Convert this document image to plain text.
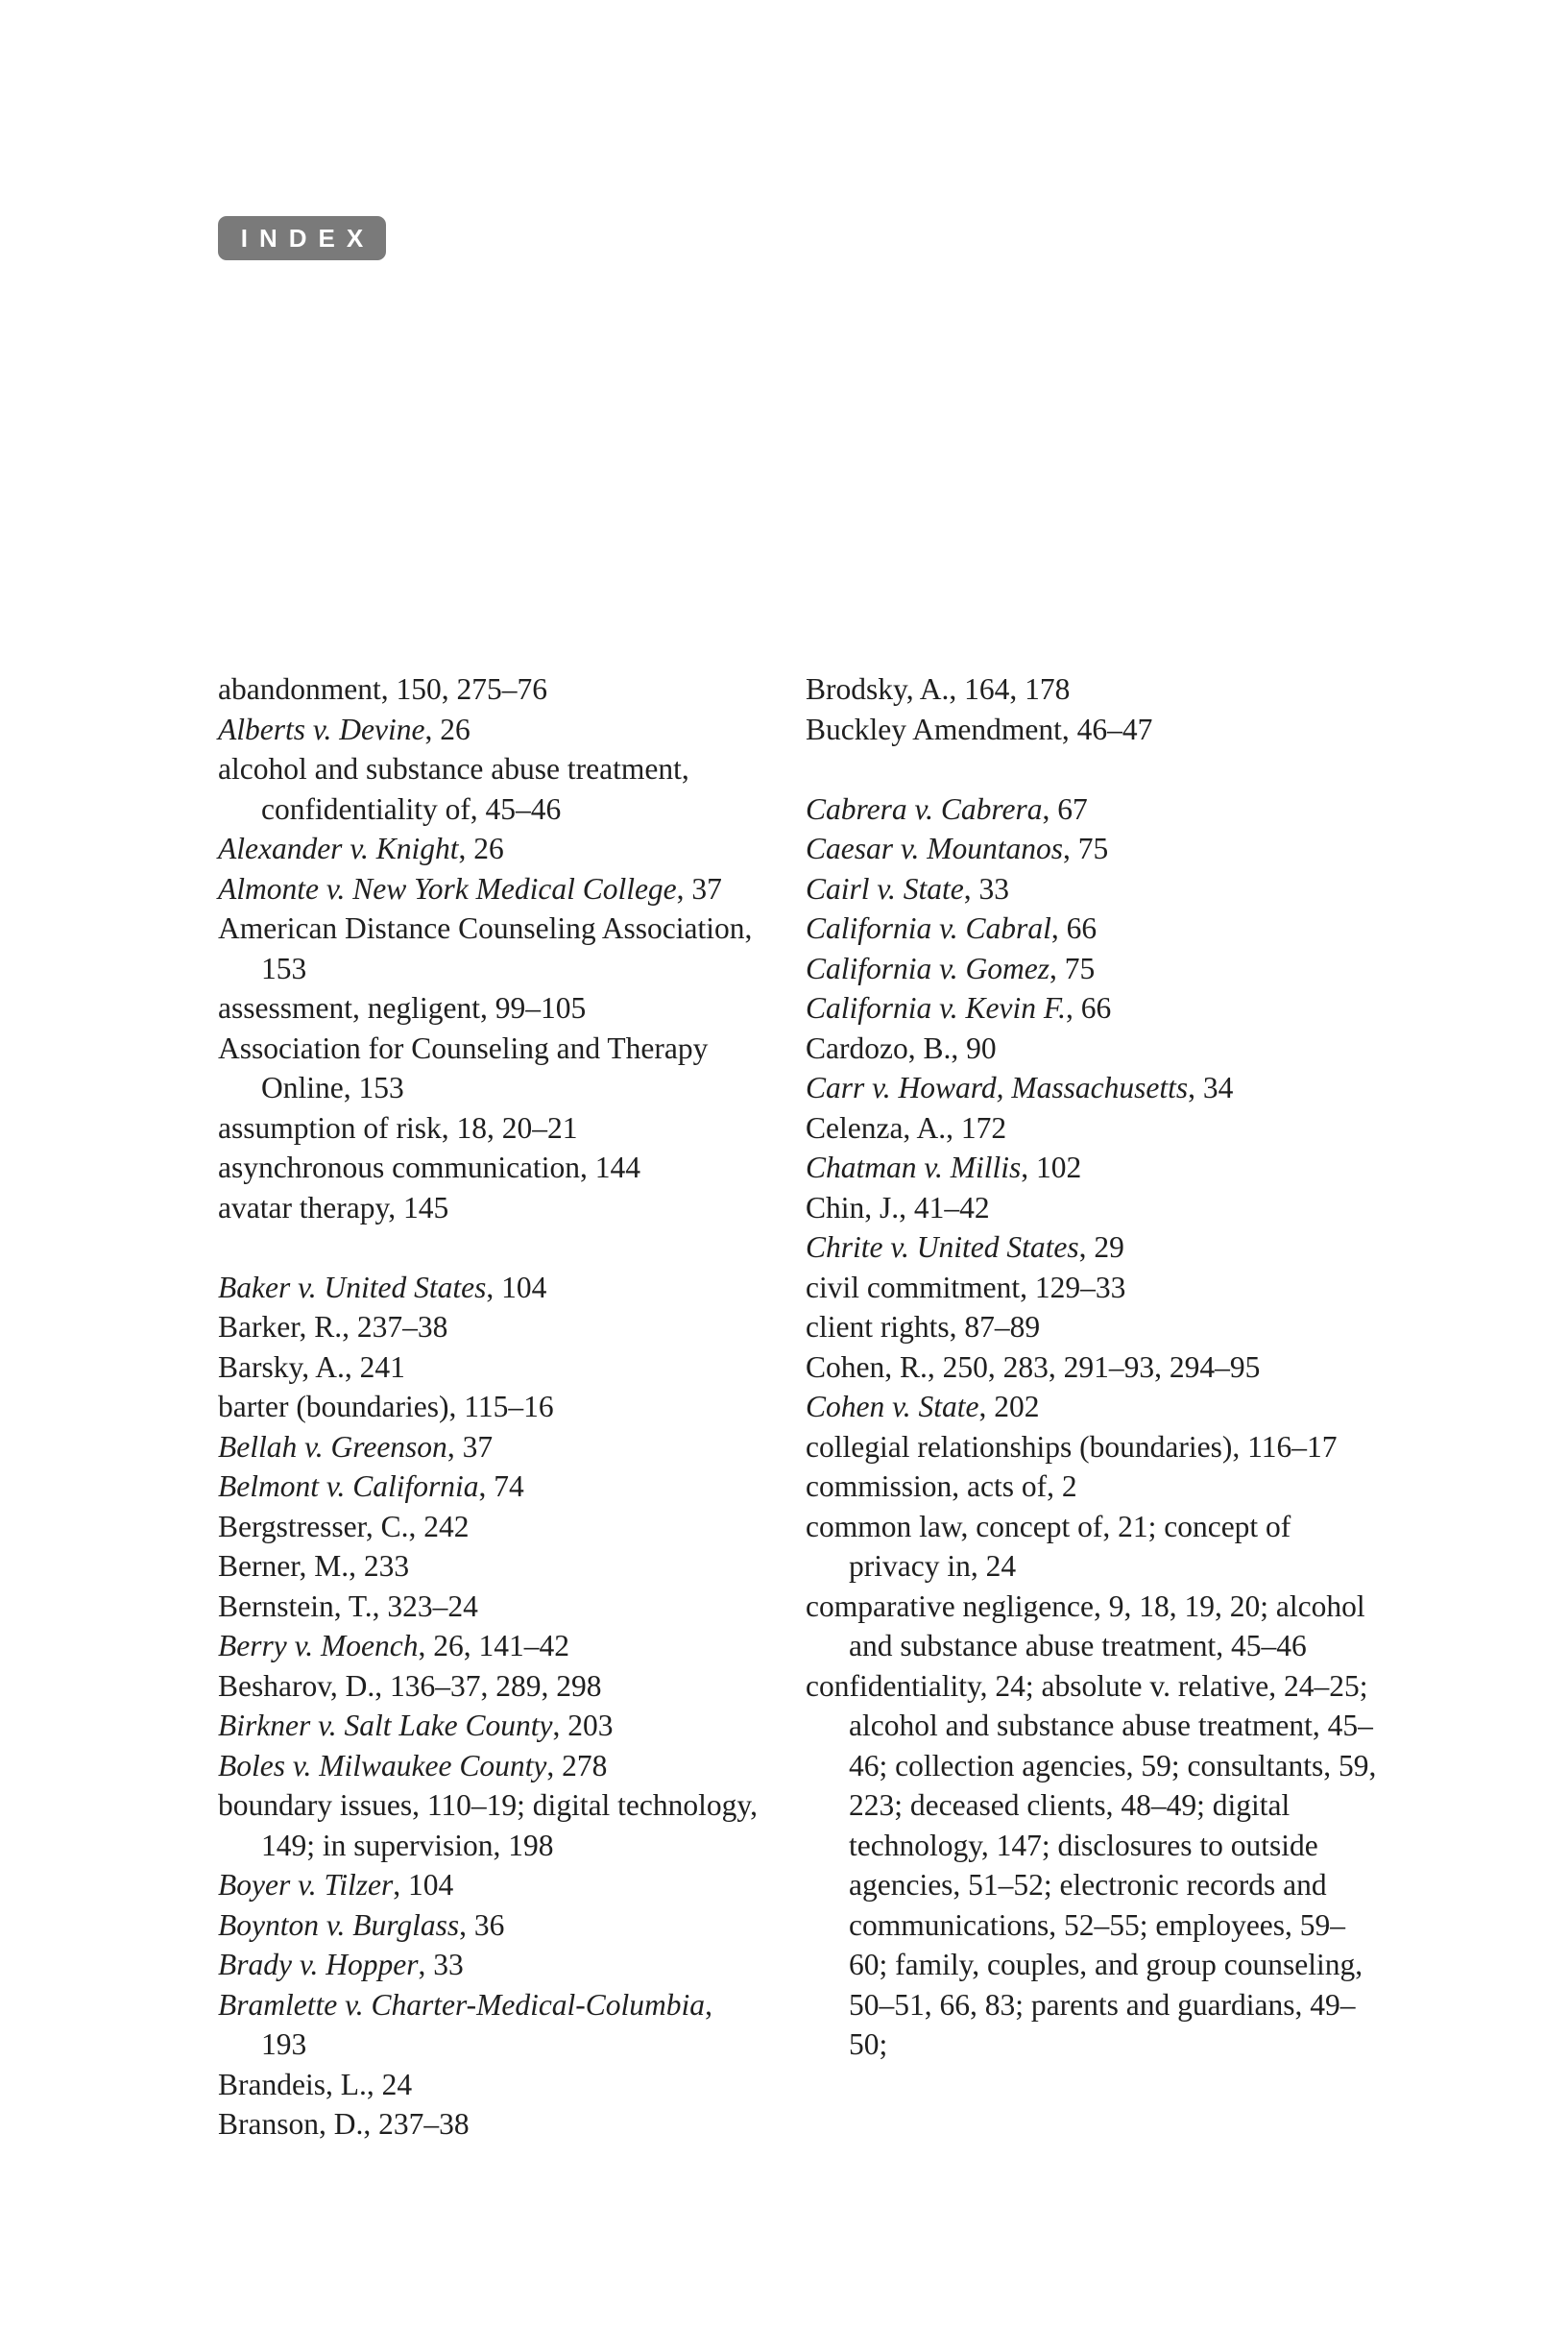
INDEX

abandonment, 150, 275–76

Alberts v. Devine, 26

alcohol and substance abuse treatment, confidentiality of, 45–46

Alexander v. Knight, 26

Almonte v. New York Medical College, 37

American Distance Counseling Association, 153

assessment, negligent, 99–105

Association for Counseling and Therapy Online, 153

assumption of risk, 18, 20–21

asynchronous communication, 144

avatar therapy, 145

Baker v. United States, 104

Barker, R., 237–38

Barsky, A., 241

barter (boundaries), 115–16

Bellah v. Greenson, 37

Belmont v. California, 74

Bergstresser, C., 242

Berner, M., 233

Bernstein, T., 323–24

Berry v. Moench, 26, 141–42

Besharov, D., 136–37, 289, 298

Birkner v. Salt Lake County, 203

Boles v. Milwaukee County, 278

boundary issues, 110–19; digital technology, 149; in supervision, 198

Boyer v. Tilzer, 104

Boynton v. Burglass, 36

Brady v. Hopper, 33

Bramlette v. Charter-Medical-Columbia, 193

Brandeis, L., 24

Branson, D., 237–38

Brodsky, A., 164, 178

Buckley Amendment, 46–47

Cabrera v. Cabrera, 67

Caesar v. Mountanos, 75

Cairl v. State, 33

California v. Cabral, 66

California v. Gomez, 75

California v. Kevin F., 66

Cardozo, B., 90

Carr v. Howard, Massachusetts, 34

Celenza, A., 172

Chatman v. Millis, 102

Chin, J., 41–42

Chrite v. United States, 29

civil commitment, 129–33

client rights, 87–89

Cohen, R., 250, 283, 291–93, 294–95

Cohen v. State, 202

collegial relationships (boundaries), 116–17

commission, acts of, 2

common law, concept of, 21; concept of privacy in, 24

comparative negligence, 9, 18, 19, 20; alcohol and substance abuse treatment, 45–46

confidentiality, 24; absolute v. relative, 24–25; alcohol and substance abuse treatment, 45–46; collection agencies, 59; consultants, 59, 223; deceased clients, 48–49; digital technology, 147; disclosures to outside agencies, 51–52; electronic records and communications, 52–55; employees, 59–60; family, couples, and group counseling, 50–51, 66, 83; parents and guardians, 49–50;
